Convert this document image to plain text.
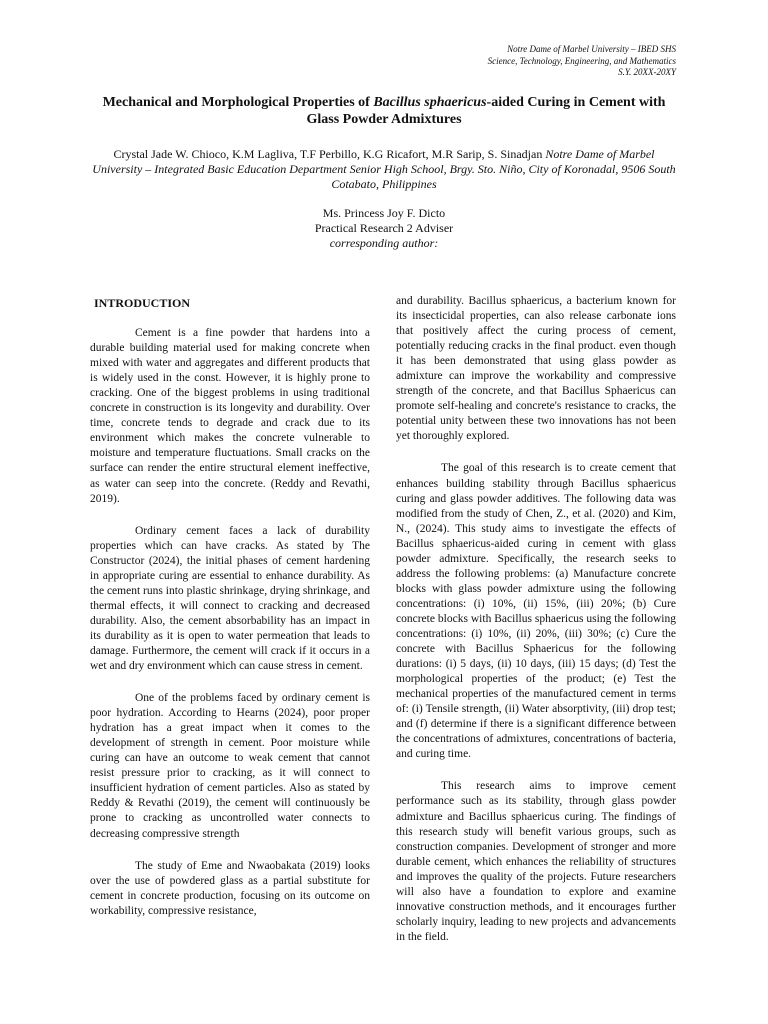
Notre Dame of Marbel University – IBED SHS
Science, Technology, Engineering, and Mathematics
S.Y. 20XX-20XY
Mechanical and Morphological Properties of Bacillus sphaericus-aided Curing in Cement with Glass Powder Admixtures
Crystal Jade W. Chioco, K.M Lagliva, T.F Perbillo, K.G Ricafort, M.R Sarip, S. Sinadjan Notre Dame of Marbel University – Integrated Basic Education Department Senior High School, Brgy. Sto. Niño, City of Koronadal, 9506 South Cotabato, Philippines
Ms. Princess Joy F. Dicto
Practical Research 2 Adviser
corresponding author:
INTRODUCTION

Cement is a fine powder that hardens into a durable building material used for making concrete when mixed with water and aggregates and different products that is widely used in the const. However, it is highly prone to cracking. One of the biggest problems in using traditional concrete in construction is its longevity and durability. Over time, concrete tends to degrade and crack due to its environment which makes the concrete vulnerable to moisture and temperature fluctuations. Small cracks on the surface can render the entire structural element ineffective, as water can seep into the concrete. (Reddy and Revathi, 2019).

Ordinary cement faces a lack of durability properties which can have cracks. As stated by The Constructor (2024), the initial phases of cement hardening in appropriate curing are essential to enhance durability. As the cement runs into plastic shrinkage, drying shrinkage, and thermal effects, it will connect to cracking and decreased durability. Also, the cement absorbability has an impact in its durability as it is open to water permeation that leads to damage. Furthermore, the cement will crack if it occurs in a wet and dry environment which can cause stress in cement.

One of the problems faced by ordinary cement is poor hydration. According to Hearns (2024), poor proper hydration has a great impact when it comes to the development of strength in cement. Poor moisture while curing can have an outcome to weak cement that cannot resist pressure prior to cracking, as it will connect to insufficient hydration of cement particles. Also as stated by Reddy & Revathi (2019), the cement will continuously be prone to cracking as uncontrolled water connects to decreasing compressive strength

The study of Eme and Nwaobakata (2019) looks over the use of powdered glass as a partial substitute for cement in concrete production, focusing on its outcome on workability, compressive resistance,

and durability. Bacillus sphaericus, a bacterium known for its insecticidal properties, can also release carbonate ions that positively affect the curing process of cement, potentially reducing cracks in the final product. even though it has been demonstrated that using glass powder as admixture can improve the workability and compressive strength of the concrete, and that Bacillus Sphaericus can promote self-healing and concrete's resistance to cracks, the potential unity between these two innovations has not been yet thoroughly explored.

The goal of this research is to create cement that enhances building stability through Bacillus sphaericus curing and glass powder additives. The following data was modified from the study of Chen, Z., et al. (2020) and Kim, N., (2024). This study aims to investigate the effects of Bacillus sphaericus-aided curing in cement with glass powder admixture. Specifically, the research seeks to address the following problems: (a) Manufacture concrete blocks with glass powder admixture using the following concentrations: (i) 10%, (ii) 15%, (iii) 20%; (b) Cure concrete blocks with Bacillus sphaericus using the following concentrations: (i) 10%, (ii) 20%, (iii) 30%; (c) Cure the concrete with Bacillus Sphaericus for the following durations: (i) 5 days, (ii) 10 days, (iii) 15 days; (d) Test the morphological properties of the product; (e) Test the mechanical properties of the manufactured cement in terms of: (i) Tensile strength, (ii) Water absorptivity, (iii) drop test; and (f) determine if there is a significant difference between the concentrations of admixtures, concentrations of bacteria, and curing time.

This research aims to improve cement performance such as its stability, through glass powder admixture and Bacillus sphaericus curing. The findings of this research study will benefit various groups, such as construction companies. Development of stronger and more durable cement, which enhances the reliability of structures and improves the quality of the projects. Future researchers will also have a foundation to explore and examine innovative construction methods, and it encourages further scholarly inquiry, leading to new projects and advancements in the field.
